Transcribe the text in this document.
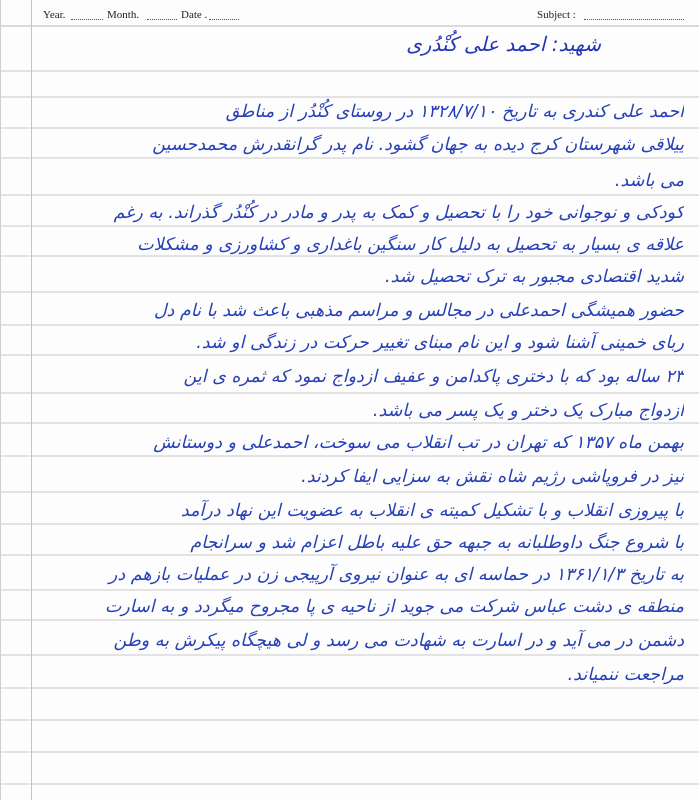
Year.	Month.	Date .	Subject :
شهید: احمد علی کُنْدُری
احمد علی کندری به تاریخ ۱۳۲۸/۷/۱۰ در روستای کُنْدُر از مناطق
ییلاقی شهرستان کرج دیده به جهان گشود. نام پدر گرانقدرش محمدحسین
می باشد.
کودکی و نوجوانی خود را با تحصیل و کمک به پدر و مادر در کُنْدُر گذراند. به رغم
علاقه ی بسیار به تحصیل به دلیل کار سنگین باغداری و کشاورزی و مشکلات
شدید اقتصادی مجبور به ترک تحصیل شد.
حضور همیشگی احمدعلی در مجالس و مراسم مذهبی باعث شد با نام دل
ربای خمینی آشنا شود و این نام مبنای تغییر حرکت در زندگی او شد.
۲۳ ساله بود که با دختری پاکدامن و عفیف ازدواج نمود که ثمره ی این
ازدواج مبارک یک دختر و یک پسر می باشد.
بهمن ماه ۱۳۵۷ که تهران در تب انقلاب می سوخت، احمدعلی و دوستانش
نیز در فروپاشی رژیم شاه نقش به سزایی ایفا کردند.
با پیروزی انقلاب و با تشکیل کمیته ی انقلاب به عضویت این نهاد درآمد
با شروع جنگ داوطلبانه به جبهه حق علیه باطل اعزام شد و سرانجام
به تاریخ ۱۳۶۱/۱/۳ در حماسه ای به عنوان نیروی آرپیجی زن در عملیات بازهم در
منطقه ی دشت عباس شرکت می جوید از ناحیه ی پا مجروح میگردد و به اسارت
دشمن در می آید و در اسارت به شهادت می رسد و لی هیچگاه پیکرش به وطن
مراجعت ننمیاند.
